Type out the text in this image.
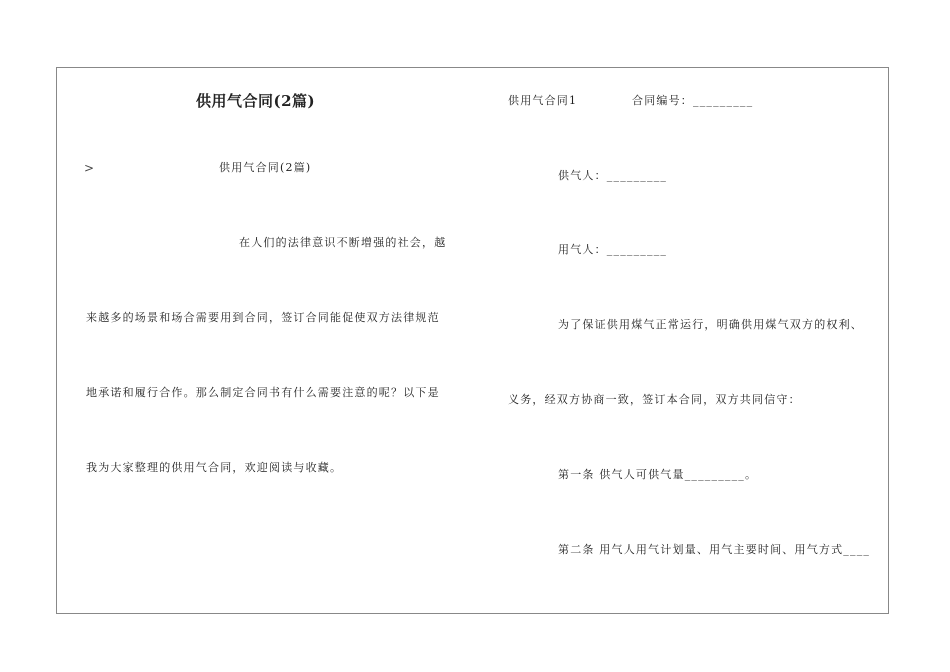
供用气合同(2篇)
>	供用气合同(2篇)
在人们的法律意识不断增强的社会，越
来越多的场景和场合需要用到合同，签订合同能促使双方法律规范
地承诺和履行合作。那么制定合同书有什么需要注意的呢？以下是
我为大家整理的供用气合同，欢迎阅读与收藏。
供用气合同1	合同编号：_________
供气人：_________
用气人：_________
为了保证供用煤气正常运行，明确供用煤气双方的权利、
义务，经双方协商一致，签订本合同，双方共同信守：
第一条 供气人可供气量_________。
第二条 用气人用气计划量、用气主要时间、用气方式____
